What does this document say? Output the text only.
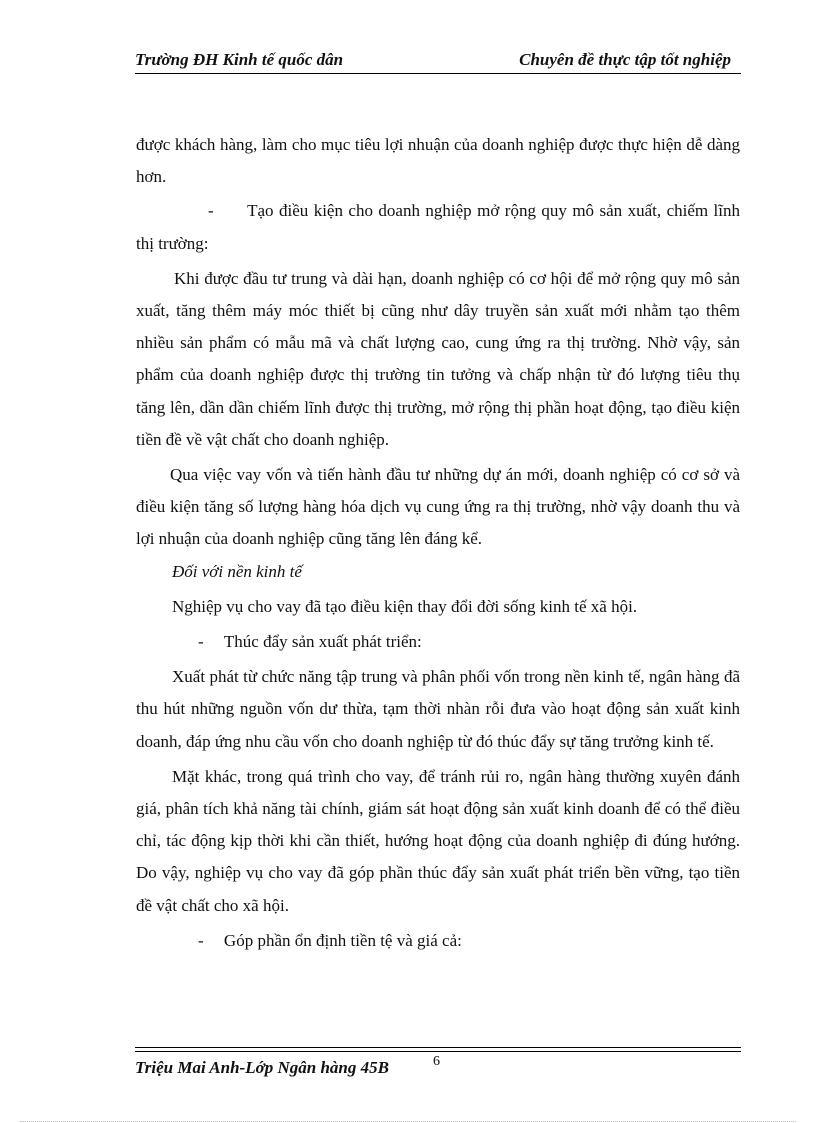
Trường ĐH Kinh tế quốc dân	Chuyên đề thực tập tốt nghiệp

được khách hàng, làm cho mục tiêu lợi nhuận của doanh nghiệp được thực hiện dễ dàng hơn.

- Tạo điều kiện cho doanh nghiệp mở rộng quy mô sản xuất, chiếm lĩnh thị trường:

Khi được đầu tư trung và dài hạn, doanh nghiệp có cơ hội để mở rộng quy mô sản xuất, tăng thêm máy móc thiết bị cũng như dây truyền sản xuất mới nhằm tạo thêm nhiều sản phẩm có mẫu mã và chất lượng cao, cung ứng ra thị trường. Nhờ vậy, sản phẩm của doanh nghiệp được thị trường tin tưởng và chấp nhận từ đó lượng tiêu thụ tăng lên, dần dần chiếm lĩnh được thị trường, mở rộng thị phần hoạt động, tạo điều kiện tiền đề về vật chất cho doanh nghiệp.

Qua việc vay vốn và tiến hành đầu tư những dự án mới, doanh nghiệp có cơ sở và điều kiện tăng số lượng hàng hóa dịch vụ cung ứng ra thị trường, nhờ vậy doanh thu và lợi nhuận của doanh nghiệp cũng tăng lên đáng kể.

Đối với nền kinh tế

Nghiệp vụ cho vay đã tạo điều kiện thay đổi đời sống kinh tế xã hội.

- Thúc đẩy sản xuất phát triển:

Xuất phát từ chức năng tập trung và phân phối vốn trong nền kinh tế, ngân hàng đã thu hút những nguồn vốn dư thừa, tạm thời nhàn rỗi đưa vào hoạt động sản xuất kinh doanh, đáp ứng nhu cầu vốn cho doanh nghiệp từ đó thúc đẩy sự tăng trưởng kinh tế.

Mặt khác, trong quá trình cho vay, để tránh rủi ro, ngân hàng thường xuyên đánh giá, phân tích khả năng tài chính, giám sát hoạt động sản xuất kinh doanh để có thể điều chỉ, tác động kịp thời khi cần thiết, hướng hoạt động của doanh nghiệp đi đúng hướng. Do vậy, nghiệp vụ cho vay đã góp phần thúc đẩy sản xuất phát triển bền vững, tạo tiền đề vật chất cho xã hội.

- Góp phần ổn định tiền tệ và giá cả:

Triệu Mai Anh-Lớp Ngân hàng 45B	6
